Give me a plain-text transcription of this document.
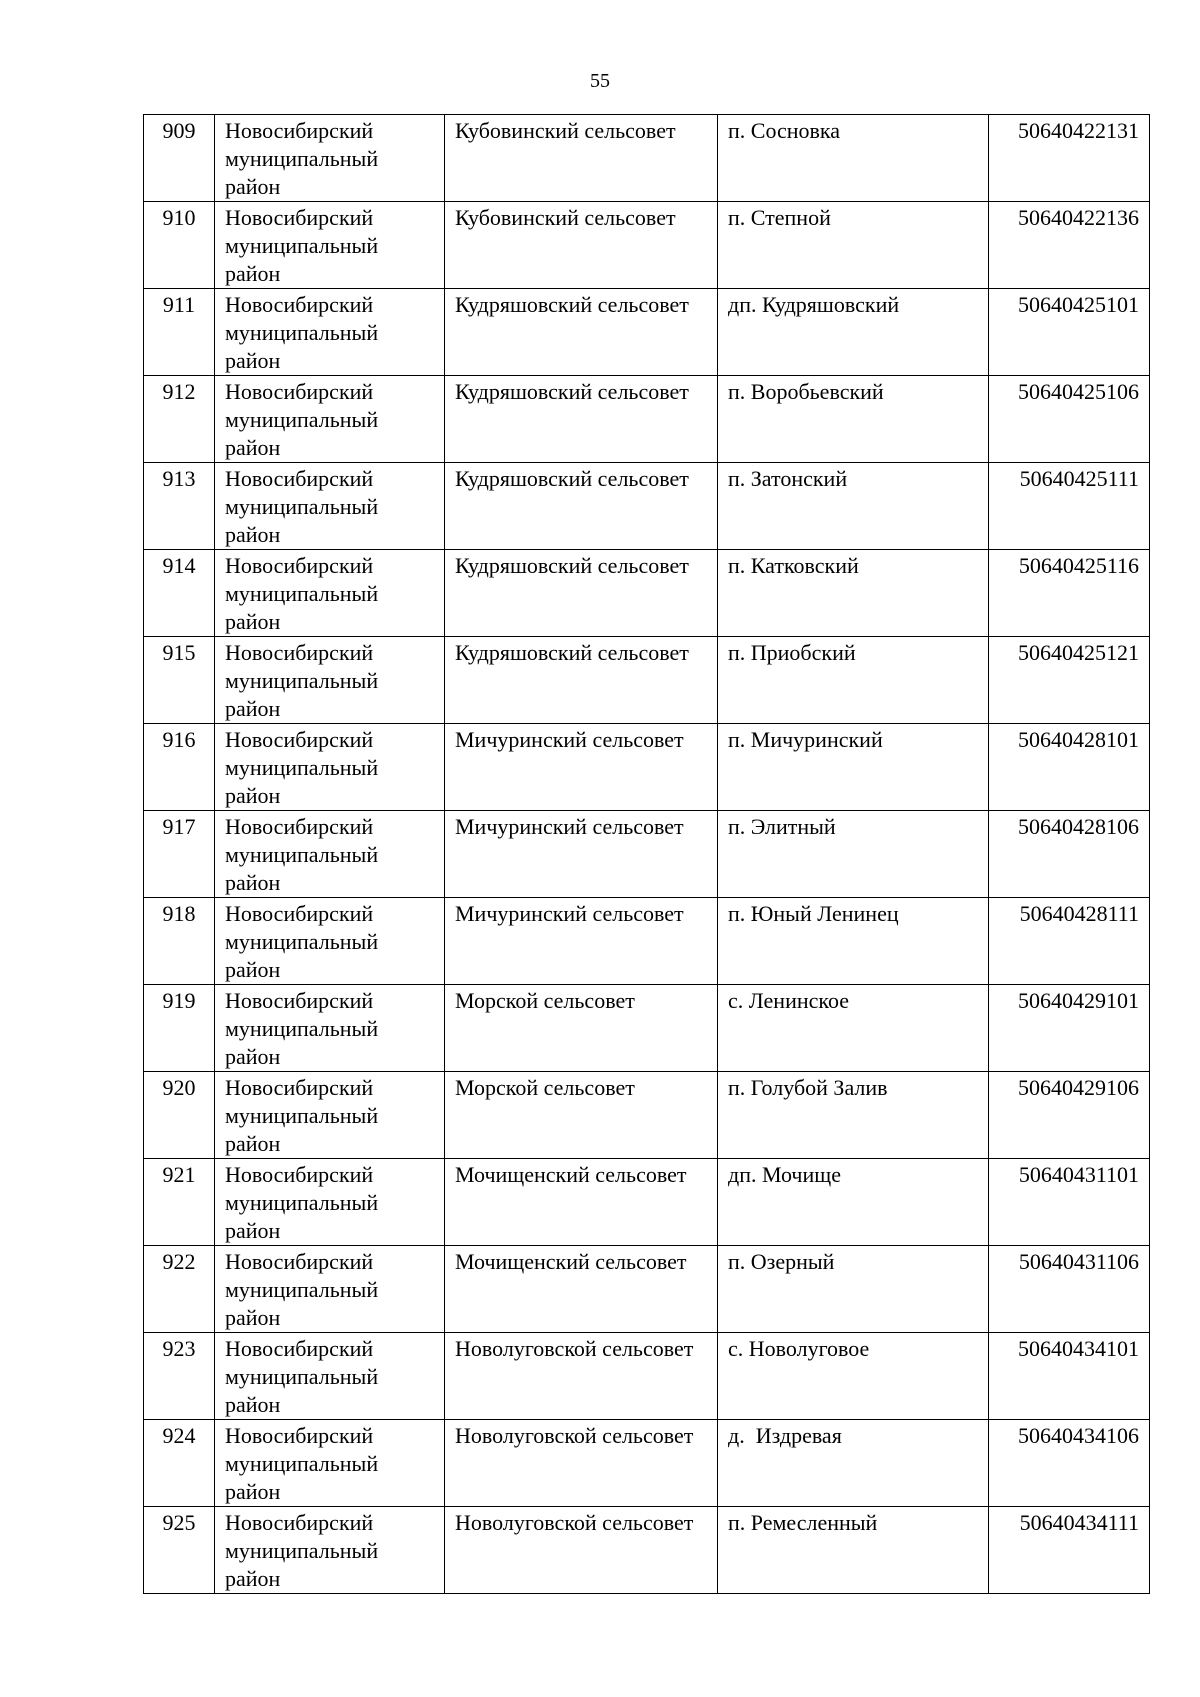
55
909	Новосибирский муниципальный район	Кубовинский сельсовет	п. Сосновка	50640422131
910	Новосибирский муниципальный район	Кубовинский сельсовет	п. Степной	50640422136
911	Новосибирский муниципальный район	Кудряшовский сельсовет	дп. Кудряшовский	50640425101
912	Новосибирский муниципальный район	Кудряшовский сельсовет	п. Воробьевский	50640425106
913	Новосибирский муниципальный район	Кудряшовский сельсовет	п. Затонский	50640425111
914	Новосибирский муниципальный район	Кудряшовский сельсовет	п. Катковский	50640425116
915	Новосибирский муниципальный район	Кудряшовский сельсовет	п. Приобский	50640425121
916	Новосибирский муниципальный район	Мичуринский сельсовет	п. Мичуринский	50640428101
917	Новосибирский муниципальный район	Мичуринский сельсовет	п. Элитный	50640428106
918	Новосибирский муниципальный район	Мичуринский сельсовет	п. Юный Ленинец	50640428111
919	Новосибирский муниципальный район	Морской сельсовет	с. Ленинское	50640429101
920	Новосибирский муниципальный район	Морской сельсовет	п. Голубой Залив	50640429106
921	Новосибирский муниципальный район	Мочищенский сельсовет	дп. Мочище	50640431101
922	Новосибирский муниципальный район	Мочищенский сельсовет	п. Озерный	50640431106
923	Новосибирский муниципальный район	Новолуговской сельсовет	с. Новолуговое	50640434101
924	Новосибирский муниципальный район	Новолуговской сельсовет	д.  Издревая	50640434106
925	Новосибирский муниципальный район	Новолуговской сельсовет	п. Ремесленный	50640434111
